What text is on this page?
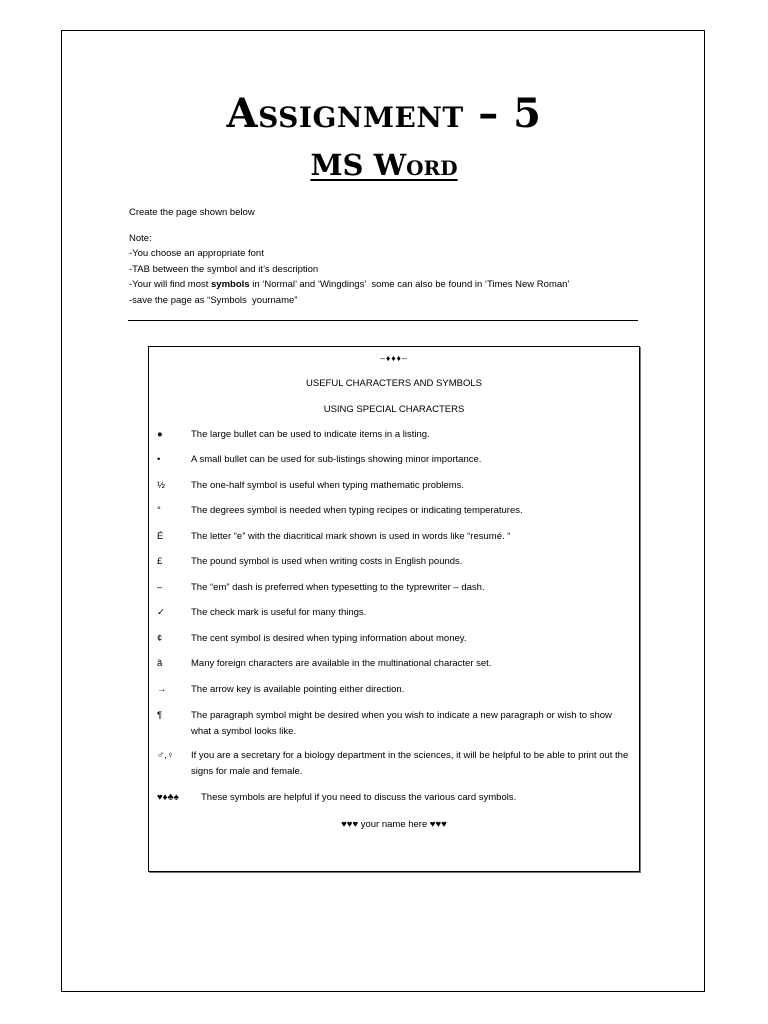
Assignment – 5
MS Word

Create the page shown below

Note:

-You choose an appropriate font

-TAB between the symbol and it’s description

-Your will find most symbols in ‘Normal’ and ‘Wingdings’  some can also be found in ‘Times New Roman’

-save the page as “Symbols  yourname”

–♦♦♦–
USEFUL CHARACTERS AND SYMBOLS
USING SPECIAL CHARACTERS
●	The large bullet can be used to indicate items in a listing.
•	A small bullet can be used for sub-listings showing minor importance.
½	The one-half symbol is useful when typing mathematic problems.
°	The degrees symbol is needed when typing recipes or indicating temperatures.
É	The letter “e” with the diacritical mark shown is used in words like “resumé. “
£	The pound symbol is used when writing costs in English pounds.
–	The “em” dash is preferred when typesetting to the typrewriter – dash.
✓	The check mark is useful for many things.
¢	The cent symbol is desired when typing information about money.
ã	Many foreign characters are available in the multinational character set.
→	The arrow key is available pointing either direction.
¶	The paragraph symbol might be desired when you wish to indicate a new paragraph or wish to show what a symbol looks like.
♂,♀	If you are a secretary for a biology department in the sciences, it will be helpful to be able to print out the signs for male and female.
♥♦♣♠ These symbols are helpful if you need to discuss the various card symbols.
♥♥♥ your name here ♥♥♥
